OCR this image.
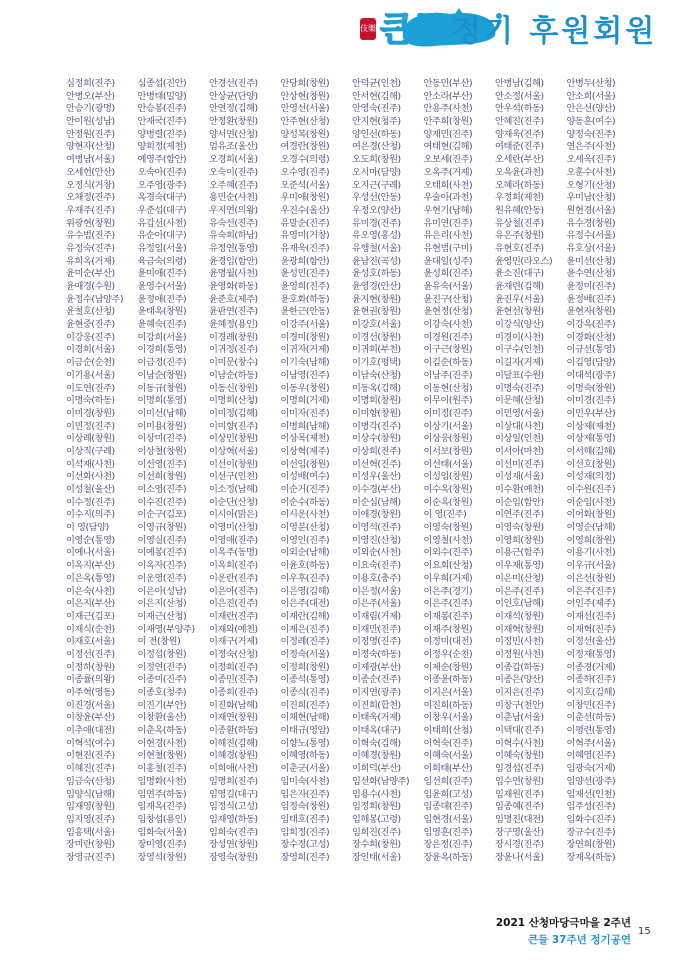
伎樂 큰들 정기 후원회원
심정희(진주)	심종섭(진안)	안경선(진주)	안당희(창원)	안덕균(인천)	안동민(부산)	안병남(김해)	안병두(산청)
안병오(부산)	안병태(밀양)	안상균(단양)	안상현(창원)	안서현(김해)	안소라(부산)	안소정(서울)	안소희(서울)
안승기(광명)	안승봉(진주)	안연정(김해)	안영선(서울)	안영숙(진주)	안용주(사천)	안우석(하동)	안은선(양산)
안이원(성남)	안재국(진주)	안정환(창원)	안주현(산청)	안지현(청주)	안주희(창원)	안혜진(진주)	양동훈(여수)
안정원(진주)	양병렬(진주)	양서연(산청)	양성복(창원)	양인선(하동)	양재민(진주)	양재욱(진주)	양정숙(진주)
양현자(산청)	양희정(제천)	엄유조(울산)	여경란(창원)	여은경(산청)	여태현(김해)	여태준(진주)	연은주(사천)
여병남(서울)	예영주(함안)	오경희(서울)	오경수(의령)	오도희(창원)	오보세(진주)	오세란(부산)	오세욱(진주)
오세헌(안산)	오숙아(진주)	오숙이(진주)	오수영(진주)	오시마(담양)	오옥주(거제)	오옥윤(과천)	오훈수(사천)
오정식(거창)	오주영(광주)	오주혜(진주)	오준석(서울)	오지근(구례)	오태희(사천)	오혜라(하동)	오형기(산청)
오채정(진주)	옥경숙(대구)	용민순(사천)	우미애(창원)	우성선(안동)	우술아(과천)	우정희(제천)	우미남(산청)
우재주(진주)	우준섭(대구)	우지연(의왕)	우진수(울산)	우정오(양산)	우현기(남해)	원유혜(안동)	원현경(서울)
위광현(창원)	유갑선(사천)	유숙선(진주)	유말순(진주)	유미경(진주)	유미연(진주)	유상철(진주)	유수경(창원)
유수범(진주)	유순아(대구)	유숙희(하남)	유영미(거창)	유오영(홍성)	유은리(사천)	유은주(창원)	유정수(서울)
유정숙(진주)	유정임(서울)	유정연(통영)	유재욱(진주)	유행철(서울)	유현범(구미)	유현호(진주)	유호상(서울)
유희옥(거제)	육금숙(의령)	윤경임(함안)	윤광희(함안)	윤남진(곡성)	윤대일(성주)	윤영민(라오스)	윤미선(산청)
윤미순(부산)	윤미애(진주)	윤명월(사천)	윤성민(진주)	윤성호(하동)	윤성희(진주)	윤소진(대구)	윤수연(산청)
윤애경(수원)	윤영수(서울)	윤영화(하동)	윤영희(진주)	윤영경(안산)	윤유숙(서울)	윤재련(김해)	윤정미(진주)
윤정수(남양주)	윤정애(진주)	윤준호(제주)	윤호화(하동)	윤지현(창원)	윤진구(산청)	윤진우(서울)	윤정배(진주)
윤철호(산청)	윤태옥(창원)	윤판연(진주)	윤한근(안동)	윤현권(창원)	윤현정(산청)	윤현선(창원)	윤현자(창원)
윤현중(진주)	윤혜숙(진주)	윤혜정(용인)	이강주(서울)	이강호(서울)	이강숙(사천)	이강식(양산)	이강옥(진주)
이강웅(진주)	이강희(서울)	이경례(창원)	이경미(창원)	이경선(창원)	이경원(진주)	이경이(사천)	이경화(산청)
이경희(서울)	이경희(통영)	이귀정(진주)	이귀자(거제)	이귀희(부천)	이구근(창원)	이구수(인천)	이규선(통영)
이금순(순천)	이금정(진주)	이미문(창수)	이기숙(남해)	이기호(평택)	이김순(하동)	이길자(거제)	이김영(담양)
이기용(서울)	이남순(창원)	이남순(하동)	이남영(진주)	이남숙(산청)	이남주(진주)	이달표(수원)	이대석(광주)
이도연(진주)	이동규(창원)	이동신(창원)	이동우(창원)	이동옥(김해)	이동현(산청)	이명숙(진주)	이명숙(창원)
이명숙(하동)	이명희(통영)	이명희(산청)	이명희(거제)	이명희(창원)	이무이(원주)	이문혜(산청)	이미경(진주)
이미경(창원)	이미선(남해)	이미정(김해)	이미자(진주)	이미향(창원)	이미정(진주)	이민영(서울)	이민우(부산)
이민정(진주)	이미용(창원)	이미향(진주)	이병희(남해)	이병각(진주)	이상기(서울)	이상대(사천)	이상제(제천)
이상례(창원)	이상미(진주)	이상민(창원)	이상목(제천)	이상수(창원)	이상웅(창원)	이상일(인천)	이상제(통영)
이상직(구례)	이상철(창원)	이상혁(서울)	이상혁(제주)	이상희(진주)	이서보(창원)	이서아(마천)	이서해(김해)
이석재(사천)	이선영(진주)	이선이(창원)	이선임(창원)	이선혁(진주)	이선태(서울)	이선미(진주)	이선호(창원)
이선화(사천)	이선희(창원)	이선구(인천)	이성배(여수)	이성우(울산)	이성임(창원)	이성재(서울)	이성재(의정)
이성철(울산)	이소영(진주)	이소정(남해)	이순거(진주)	이수경(부산)	이수옥(창원)	이수환(예천)	이수원(진주)
이수정(진주)	이수진(진주)	이순단(산청)	이순수(하동)	이순심(남해)	이순옥(창원)	이순임(함안)	이순임(사천)
이수지(의주)	이순구(김포)	이시아(맑은)	이시운(사천)	이애경(창원)	이 영(진주)	이연주(진주)	이어화(창원)
이 영(담양)	이영규(창원)	이영미(산청)	이영분(산청)	이영석(진주)	이영숙(창원)	이영숙(창원)	이영순(남해)
이영순(통영)	이영실(진주)	이영애(진주)	이영인(진주)	이영진(산청)	이영철(사천)	이영희(창원)	이영희(창원)
이예나(서울)	이예봉(진주)	이옥주(동명)	이외순(남해)	이외순(사천)	이외수(진주)	이용근(함주)	이용기(사천)
이옥지(부산)	이옥자(진주)	이옥희(진주)	이윤호(하동)	이요숙(진주)	이요회(산청)	이우재(통영)	이우규(서울)
이은옥(통영)	이운영(진주)	이운란(진주)	이우후(진주)	이용호(충주)	이우희(거제)	이은미(산청)	이은선(창원)
이은숙(사천)	이은아(성남)	이은아(진주)	이은영(김해)	이은정(서울)	이은주(경기)	이은주(진주)	이은주(진주)
이은지(부산)	이은지(산청)	이은진(진주)	이은주(대전)	이은주(서울)	이은주(진주)	이인호(남해)	이인주(제주)
이재근(김포)	이재근(산청)	이재란(진주)	이재란(김해)	이재림(거제)	이재봉(진주)	이재석(창원)	이재선(진주)
이재식(순천)	이재영(부양주)	이재와(예천)	이재은(진주)	이재만(진주)	이재주(창원)	이재혁(창원)	이재혁(진주)
이재호(서울)	이 전(창원)	이재구(거제)	이정례(진주)	이정명(진주)	이정미(대전)	이정민(사천)	이정선(울산)
이정선(진주)	이정섭(창원)	이정숙(산청)	이정숙(서울)	이정숙(하동)	이정우(순천)	이정원(사천)	이정재(통영)
이정하(창원)	이정연(진주)	이정희(진주)	이정희(창원)	이제광(부산)	이제순(창원)	이종갑(하동)	이종경(거제)
이종률(의왕)	이종미(진주)	이종민(진주)	이종석(통영)	이종순(진주)	이종윤(하동)	이종은(양산)	이종하(진주)
이주혁(영동)	이종호(청주)	이종희(진주)	이종식(진주)	이지연(광주)	이지은(서울)	이지은(진주)	이지호(김해)
이진경(서울)	이진기(부안)	이진화(남해)	이진희(진주)	이진희(합천)	이진희(하동)	이창구(천안)	이창민(진주)
이창윤(부산)	이창환(울산)	이재연(창원)	이채현(남해)	이태욱(거제)	이창우(서울)	이춘남(서울)	이춘선(하동)
이추애(대전)	이춘옥(하동)	이종환(하동)	이태규(영암)	이태옥(대구)	이태희(산청)	이택대(진주)	이평련(통영)
이혁석(여수)	이현경(사천)	이해진(김해)	이향노(통영)	이혁숙(김해)	이혁숙(진주)	이혁수(사천)	이혁주(서울)
이현진(진주)	이현철(창원)	이혜경(창원)	이혜영(하동)	이혜경(창원)	이혜숙(서울)	이혜숙(창원)	이혜영(진주)
이혜진(진주)	이홍철(진주)	이희애(사천)	이춘군(서울)	이희덕(부산)	이희태(부산)	임경섭(진주)	임광숙(거제)
임금숙(산청)	임명화(사천)	임명희(진주)	임미숙(사천)	임선화(남양주)	임선희(진주)	임수연(창원)	임양선(광주)
임양식(남해)	임연주(하동)	임영길(대구)	임은자(진주)	임용수(사천)	임윤희(고성)	임재원(진주)	임재선(인천)
임재영(창원)	임재옥(진주)	임정식(고성)	임정숙(창원)	임정희(창원)	임종대(진주)	임종혜(진주)	임주성(진주)
임지영(진주)	임창섭(용인)	임재영(하동)	임태호(진주)	임해봉(고령)	임현경(서울)	임명진(대전)	임화수(진주)
임홍택(서울)	임화숙(서울)	임희숙(진주)	임희정(진주)	임희진(진주)	임영훈(진주)	장구영(울산)	장규수(진주)
장미란(창원)	장미영(진주)	장성연(창원)	장수정(고성)	장수희(창원)	장은정(진주)	장시경(진주)	장연희(창원)
장영규(진주)	장영석(창원)	장영숙(창원)	장영희(진주)	장인태(서울)	장윤옥(하동)	장윤나(서울)	장재옥(하동)
2021 산청마당극마을 2주년
큰들 37주년 정기공연
15
